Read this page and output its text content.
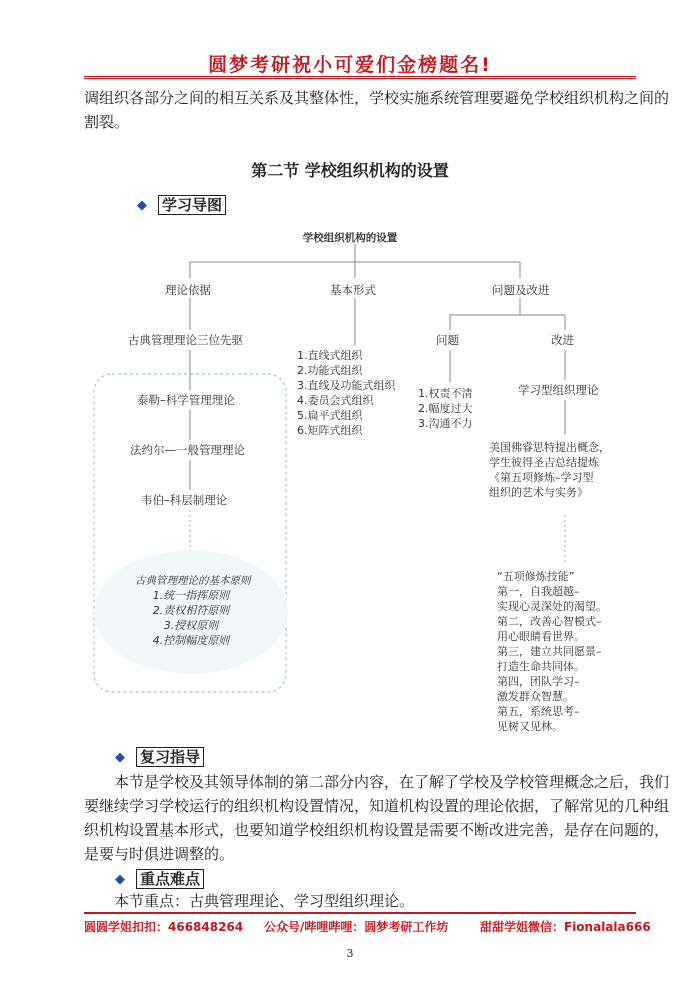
圆梦考研祝小可爱们金榜题名!
调组织各部分之间的相互关系及其整体性，学校实施系统管理要避免学校组织机构之间的
割裂。
第二节 学校组织机构的设置
◆ 学习导图
学校组织机构的设置
理论依据	基本形式	问题及改进
古典管理理论三位先驱
泰勒–科学管理理论
法约尔—一般管理理论
韦伯–科层制理论
古典管理理论的基本原则
1.统一指挥原则
2.责权相符原则
3.授权原则
4.控制幅度原则
1.直线式组织
2.功能式组织
3.直线及功能式组织
4.委员会式组织
5.扁平式组织
6.矩阵式组织
问题	改进
1.权责不清
2.幅度过大
3.沟通不力
学习型组织理论
美国佛睿思特提出概念，
学生彼得圣吉总结提炼
《第五项修炼–学习型
组织的艺术与实务》
“五项修炼技能”
第一，自我超越–
实现心灵深处的渴望。
第二，改善心智模式–
用心眼睛看世界。
第三，建立共同愿景–
打造生命共同体。
第四，团队学习–
激发群众智慧。
第五，系统思考–
见树又见林。
◆ 复习指导
本节是学校及其领导体制的第二部分内容，在了解了学校及学校管理概念之后，我们
要继续学习学校运行的组织机构设置情况，知道机构设置的理论依据，了解常见的几种组
织机构设置基本形式，也要知道学校组织机构设置是需要不断改进完善，是存在问题的，
是要与时俱进调整的。
◆ 重点难点
本节重点：古典管理理论、学习型组织理论。
圆圆学姐扣扣：466848264 公众号/哔哩哔哩：圆梦考研工作坊	甜甜学姐微信：Fionalala666
3
